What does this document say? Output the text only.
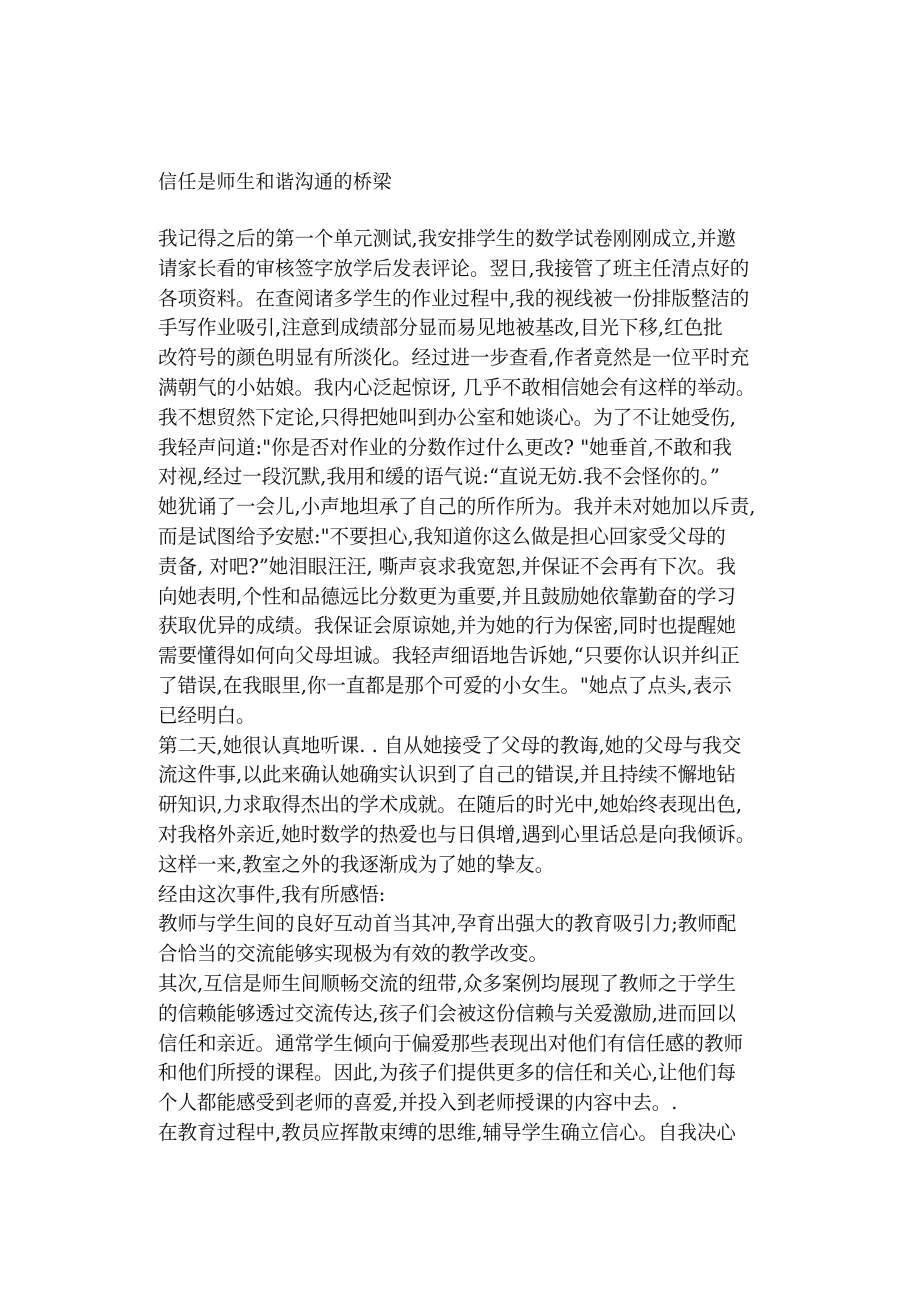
信任是师生和谐沟通的桥梁
我记得之后的第一个单元测试,我安排学生的数学试卷刚刚成立,并邀
请家长看的审核签字放学后发表评论。翌日,我接管了班主任清点好的
各项资料。在查阅诸多学生的作业过程中,我的视线被一份排版整洁的
手写作业吸引,注意到成绩部分显而易见地被基改,目光下移,红色批
改符号的颜色明显有所淡化。经过进一步查看,作者竟然是一位平时充
满朝气的小姑娘。我内心泛起惊讶, 几乎不敢相信她会有这样的举动。
我不想贸然下定论,只得把她叫到办公室和她谈心。为了不让她受伤,
我轻声问道:"你是否对作业的分数作过什么更改? "她垂首,不敢和我
对视,经过一段沉默,我用和缓的语气说:“直说无妨.我不会怪你的。”
她犹诵了一会儿,小声地坦承了自己的所作所为。我并未对她加以斥责,
而是试图给予安慰:"不要担心,我知道你这么做是担心回家受父母的
责备, 对吧?”她泪眼汪汪, 嘶声哀求我宽恕,并保证不会再有下次。我
向她表明,个性和品德远比分数更为重要,并且鼓励她依靠勤奋的学习
获取优异的成绩。我保证会原谅她,并为她的行为保密,同时也提醒她
需要懂得如何向父母坦诚。我轻声细语地告诉她,“只要你认识并纠正
了错误,在我眼里,你一直都是那个可爱的小女生。"她点了点头,表示
已经明白。
第二天,她很认真地听课. . 自从她接受了父母的教诲,她的父母与我交
流这件事,以此来确认她确实认识到了自己的错误,并且持续不懈地钻
研知识,力求取得杰出的学术成就。在随后的时光中,她始终表现出色,
对我格外亲近,她时数学的热爱也与日俱增,遇到心里话总是向我倾诉。
这样一来,教室之外的我逐渐成为了她的挚友。
经由这次事件,我有所感悟:
教师与学生间的良好互动首当其冲,孕育出强大的教育吸引力;教师配
合恰当的交流能够实现极为有效的教学改变。
其次,互信是师生间顺畅交流的纽带,众多案例均展现了教师之于学生
的信赖能够透过交流传达,孩子们会被这份信赖与关爱激励,进而回以
信任和亲近。通常学生倾向于偏爱那些表现出对他们有信任感的教师
和他们所授的课程。因此,为孩子们提供更多的信任和关心,让他们每
个人都能感受到老师的喜爱,并投入到老师授课的内容中去。.
在教育过程中,教员应挥散束缚的思维,辅导学生确立信心。自我决心
